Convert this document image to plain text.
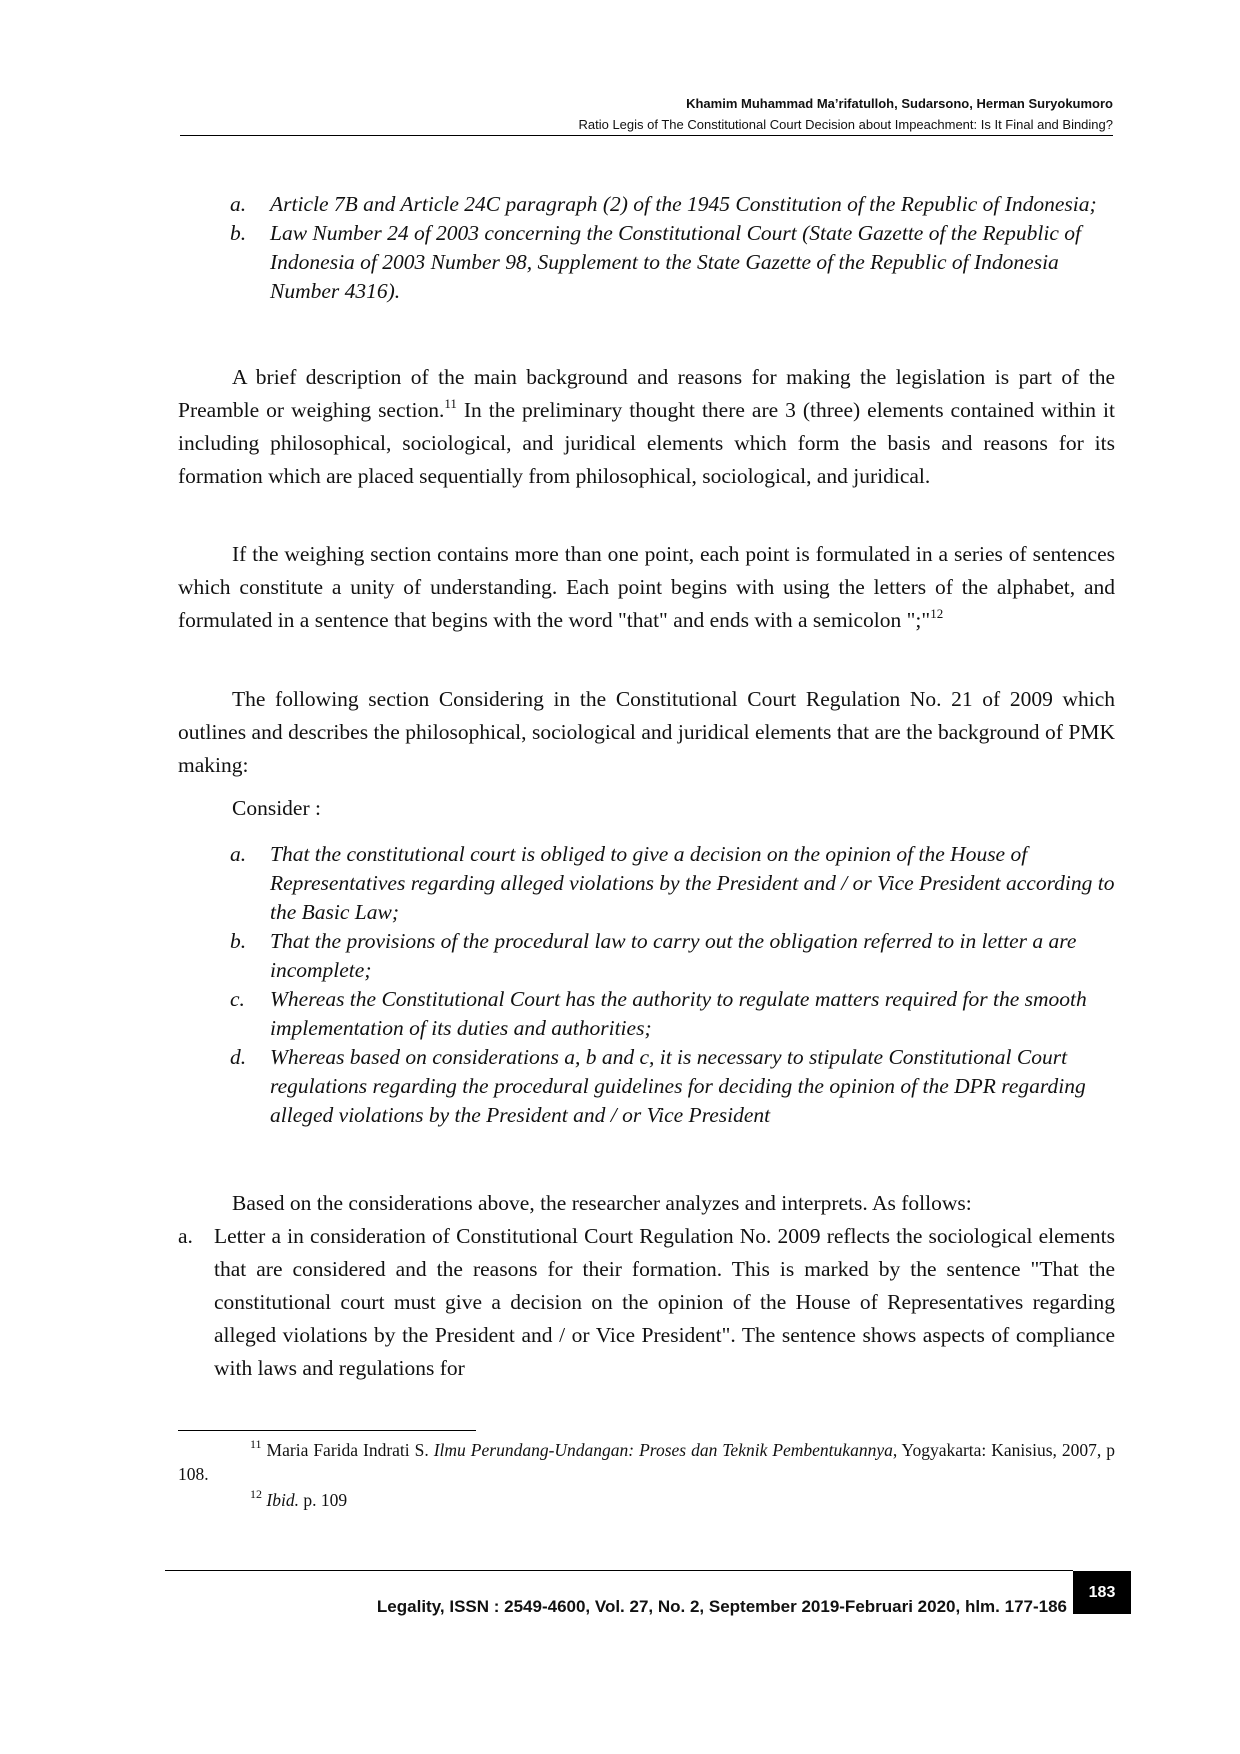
Khamim Muhammad Ma’rifatulloh, Sudarsono, Herman Suryokumoro
Ratio Legis of The Constitutional Court Decision about Impeachment: Is It Final and Binding?
a. Article 7B and Article 24C paragraph (2) of the 1945 Constitution of the Republic of Indonesia;
b. Law Number 24 of 2003 concerning the Constitutional Court (State Gazette of the Republic of Indonesia of 2003 Number 98, Supplement to the State Gazette of the Republic of Indonesia Number 4316).

A brief description of the main background and reasons for making the legislation is part of the Preamble or weighing section.$^{11}$ In the preliminary thought there are 3 (three) elements contained within it including philosophical, sociological, and juridical elements which form the basis and reasons for its formation which are placed sequentially from philosophical, sociological, and juridical.

If the weighing section contains more than one point, each point is formulated in a series of sentences which constitute a unity of understanding. Each point begins with using the letters of the alphabet, and formulated in a sentence that begins with the word "that" and ends with a semicolon ";"$^{12}$

The following section Considering in the Constitutional Court Regulation No. 21 of 2009 which outlines and describes the philosophical, sociological and juridical elements that are the background of PMK making:

Consider :
a. That the constitutional court is obliged to give a decision on the opinion of the House of Representatives regarding alleged violations by the President and / or Vice President according to the Basic Law;
b. That the provisions of the procedural law to carry out the obligation referred to in letter a are incomplete;
c. Whereas the Constitutional Court has the authority to regulate matters required for the smooth implementation of its duties and authorities;
d. Whereas based on considerations a, b and c, it is necessary to stipulate Constitutional Court regulations regarding the procedural guidelines for deciding the opinion of the DPR regarding alleged violations by the President and / or Vice President

Based on the considerations above, the researcher analyzes and interprets. As follows:

a. Letter a in consideration of Constitutional Court Regulation No. 2009 reflects the sociological elements that are considered and the reasons for their formation. This is marked by the sentence "That the constitutional court must give a decision on the opinion of the House of Representatives regarding alleged violations by the President and / or Vice President". The sentence shows aspects of compliance with laws and regulations for

$^{11}$ Maria Farida Indrati S. Ilmu Perundang-Undangan: Proses dan Teknik Pembentukannya, Yogyakarta: Kanisius, 2007, p 108.

$^{12}$ Ibid. p. 109

Legality, ISSN : 2549-4600, Vol. 27, No. 2, September 2019-Februari 2020, hlm. 177-186
183
